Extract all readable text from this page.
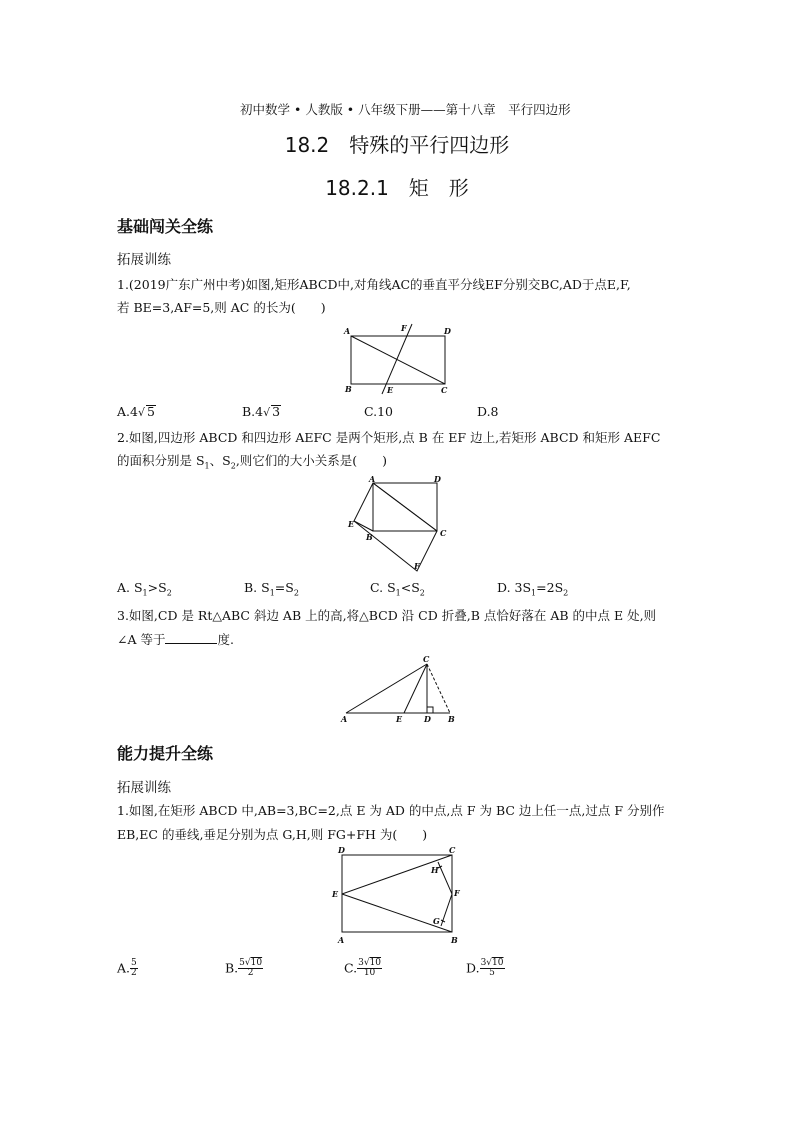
初中数学 • 人教版 • 八年级下册——第十八章　平行四边形
18.2　特殊的平行四边形
18.2.1　矩　形
基础闯关全练
拓展训练
1.(2019广东广州中考)如图,矩形ABCD中,对角线AC的垂直平分线EF分别交BC,AD于点E,F,
若 BE=3,AF=5,则 AC 的长为(　　)
A	D
F
B	E	C
A.4√ 5	B.4√ 3	C.10	D.8
2.如图,四边形 ABCD 和四边形 AEFC 是两个矩形,点 B 在 EF 边上,若矩形 ABCD 和矩形 AEFC
的面积分别是 $S_1$、$S_2$,则它们的大小关系是(　　)
A	D
E
B	C
F
A. $S_1>S_2$	B. $S_1=S_2$	C. $S_1<S_2$	D. $3S_1=2S_2$
3.如图,CD 是 Rt△ABC 斜边 AB 上的高,将△BCD 沿 CD 折叠,B 点恰好落在 AB 的中点 E 处,则
∠A 等于	度.
A	E	D B
C
能力提升全练
拓展训练
1.如图,在矩形 ABCD 中,AB=3,BC=2,点 E 为 AD 的中点,点 F 为 BC 边上任一点,过点 F 分别作
EB,EC 的垂线,垂足分别为点 G,H,则 FG+FH 为(　　)
D	C
E
H
F
G
A	B
A. $\frac{5}{2}$	B. $\frac{5√10}{2}$	C. $\frac{3√10}{10}$	D. $\frac{3√10}{5}$
